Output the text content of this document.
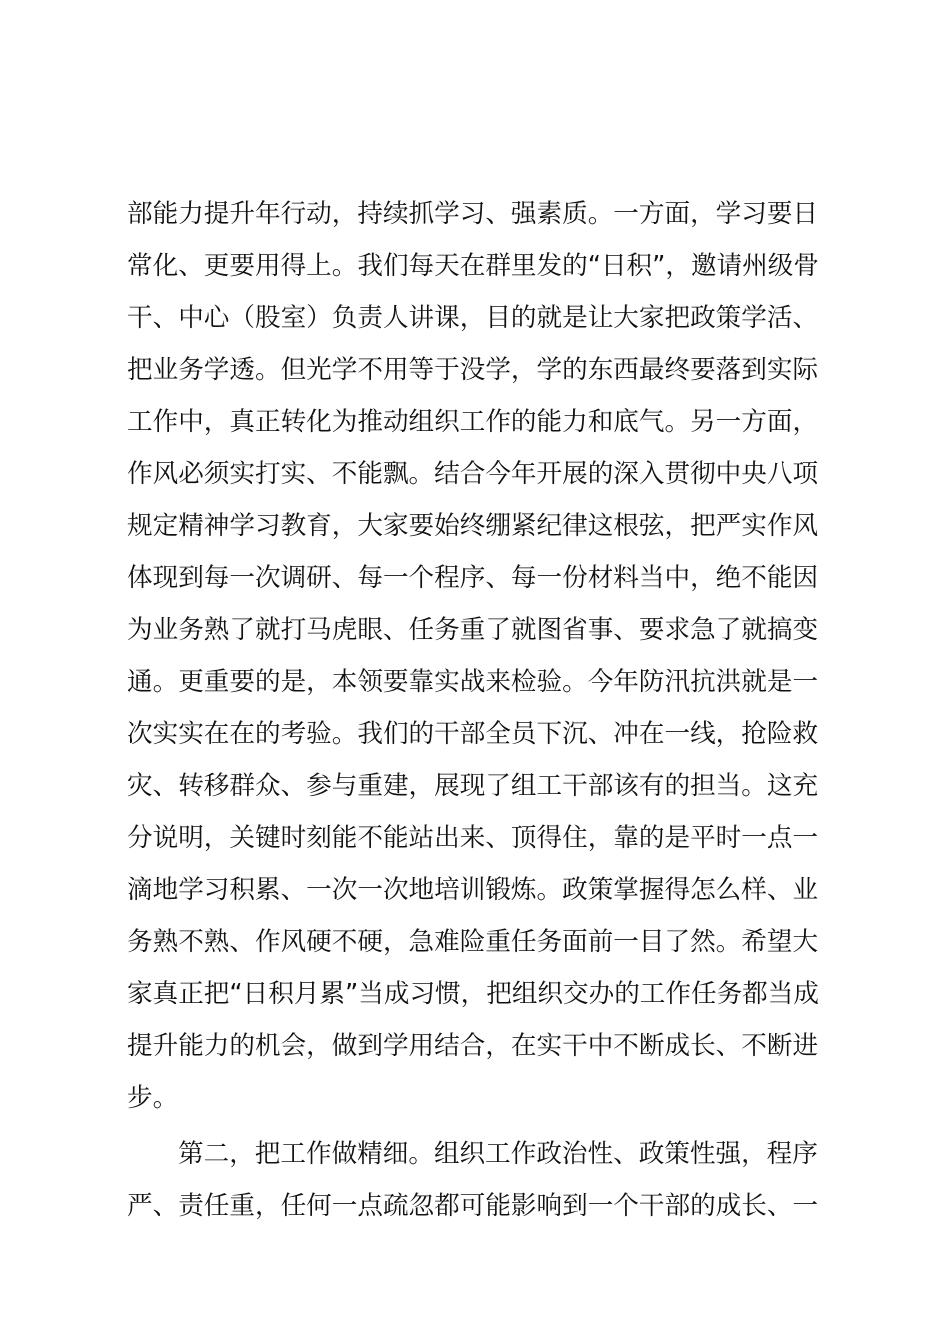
部能力提升年行动，持续抓学习、强素质。一方面，学习要日
常化、更要用得上。我们每天在群里发的“日积”，邀请州级骨
干、中心（股室）负责人讲课，目的就是让大家把政策学活、
把业务学透。但光学不用等于没学，学的东西最终要落到实际
工作中，真正转化为推动组织工作的能力和底气。另一方面，
作风必须实打实、不能飘。结合今年开展的深入贯彻中央八项
规定精神学习教育，大家要始终绷紧纪律这根弦，把严实作风
体现到每一次调研、每一个程序、每一份材料当中，绝不能因
为业务熟了就打马虎眼、任务重了就图省事、要求急了就搞变
通。更重要的是，本领要靠实战来检验。今年防汛抗洪就是一
次实实在在的考验。我们的干部全员下沉、冲在一线，抢险救
灾、转移群众、参与重建，展现了组工干部该有的担当。这充
分说明，关键时刻能不能站出来、顶得住，靠的是平时一点一
滴地学习积累、一次一次地培训锻炼。政策掌握得怎么样、业
务熟不熟、作风硬不硬，急难险重任务面前一目了然。希望大
家真正把“日积月累”当成习惯，把组织交办的工作任务都当成
提升能力的机会，做到学用结合，在实干中不断成长、不断进
步。
第二，把工作做精细。组织工作政治性、政策性强，程序
严、责任重，任何一点疏忽都可能影响到一个干部的成长、一
